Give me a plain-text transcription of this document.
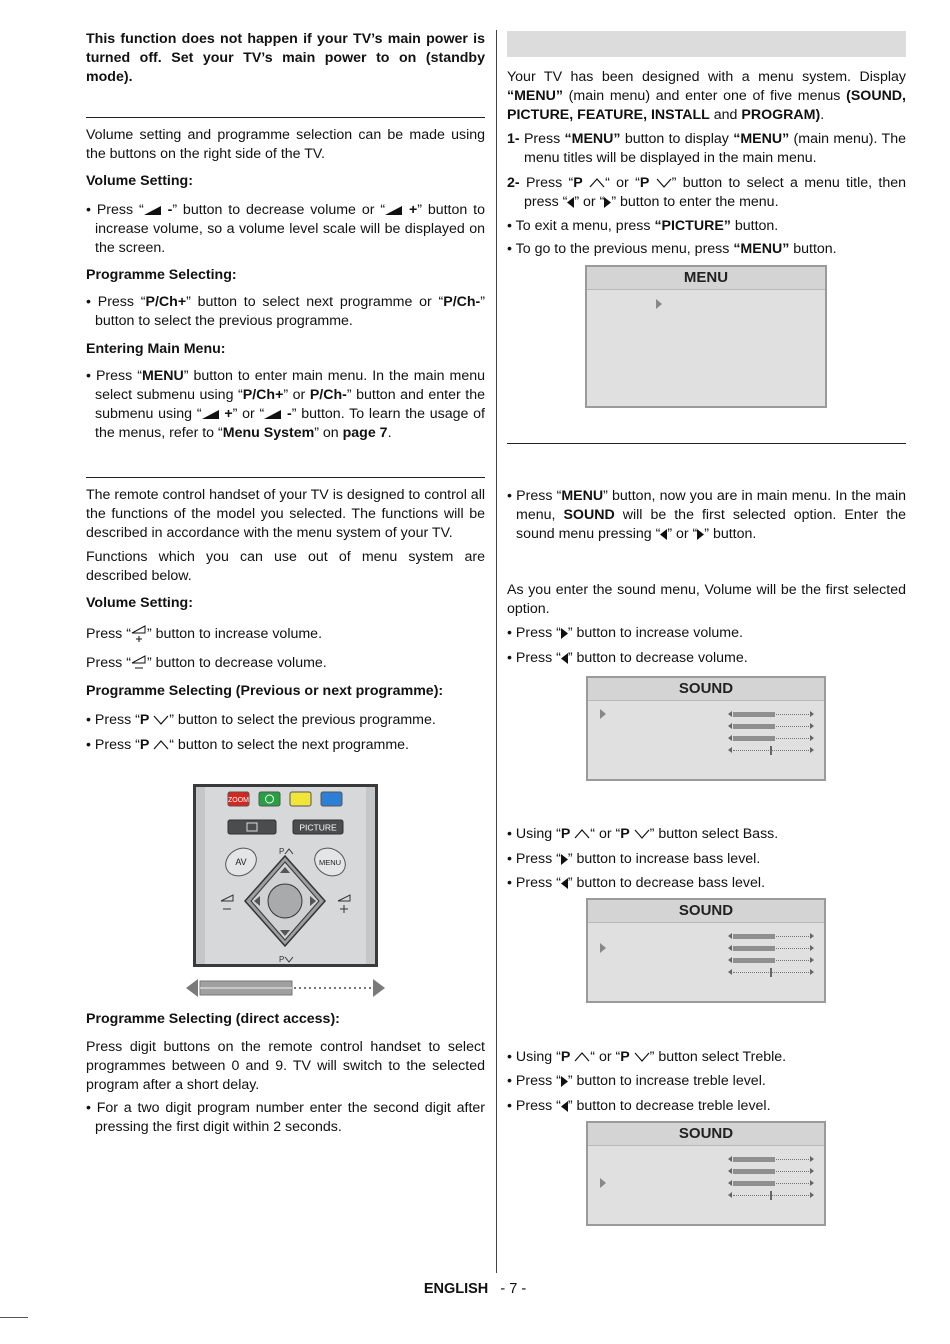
This function does not happen if your TV’s main power is turned off. Set your TV’s main power to on (standby mode).

Volume setting and programme selection can be made using the buttons on the right side of the TV.

Volume Setting:

• Press “ -” button to decrease volume or “ +” button to increase volume, so a volume level scale will be displayed on the screen.

Programme Selecting:

• Press “P/Ch+” button to select next programme or “P/Ch-” button to select the previous programme.

Entering Main Menu:

• Press “MENU” button to enter main menu. In the main menu select submenu using “P/Ch+” or P/Ch-” button and enter the submenu using “ +” or “ -” button. To learn the usage of the menus, refer to “Menu System” on page 7.

The remote control handset of your TV is designed to control all the functions of the model you selected. The functions will be described in accordance with the menu system of your TV.

Functions which you can use out of menu system are described below.

Volume Setting:

Press “ ” button to increase volume.

Press “ ” button to decrease volume.

Programme Selecting (Previous or next programme):

• Press “P ” button to select the previous programme.

• Press “P “ button to select the next programme.

ZOOM
PICTURE
P
AV	MENU
P

Programme Selecting (direct access):

Press digit buttons on the remote control handset to select programmes between 0 and 9. TV will switch to the selected program after a short delay.

• For a two digit program number enter the second digit after pressing the first digit within 2 seconds.

Your TV has been designed with a menu system. Display “MENU” (main menu) and enter one of five menus (SOUND, PICTURE, FEATURE, INSTALL and PROGRAM).

1- Press “MENU” button to display “MENU” (main menu). The menu titles will be displayed in the main menu.

2- Press “P “ or “P ” button to select a menu title, then press “ ” or “ ” button to enter the menu.

• To exit a menu, press “PICTURE” button.

• To go to the previous menu, press “MENU” button.

MENU

• Press “MENU” button, now you are in main menu. In the main menu, SOUND will be the first selected option. Enter the sound menu pressing “ ” or “ ” button.

As you enter the sound menu, Volume will be the first selected option.

• Press “ ” button to increase volume.

• Press “ ” button to decrease volume.

SOUND

• Using “P “ or “P ” button select Bass.

• Press “ ” button to increase bass level.

• Press “ ” button to decrease bass level.

SOUND

• Using “P “ or “P ” button select Treble.

• Press “ ” button to increase treble level.

• Press “ ” button to decrease treble level.

SOUND
ENGLISH - 7 -
